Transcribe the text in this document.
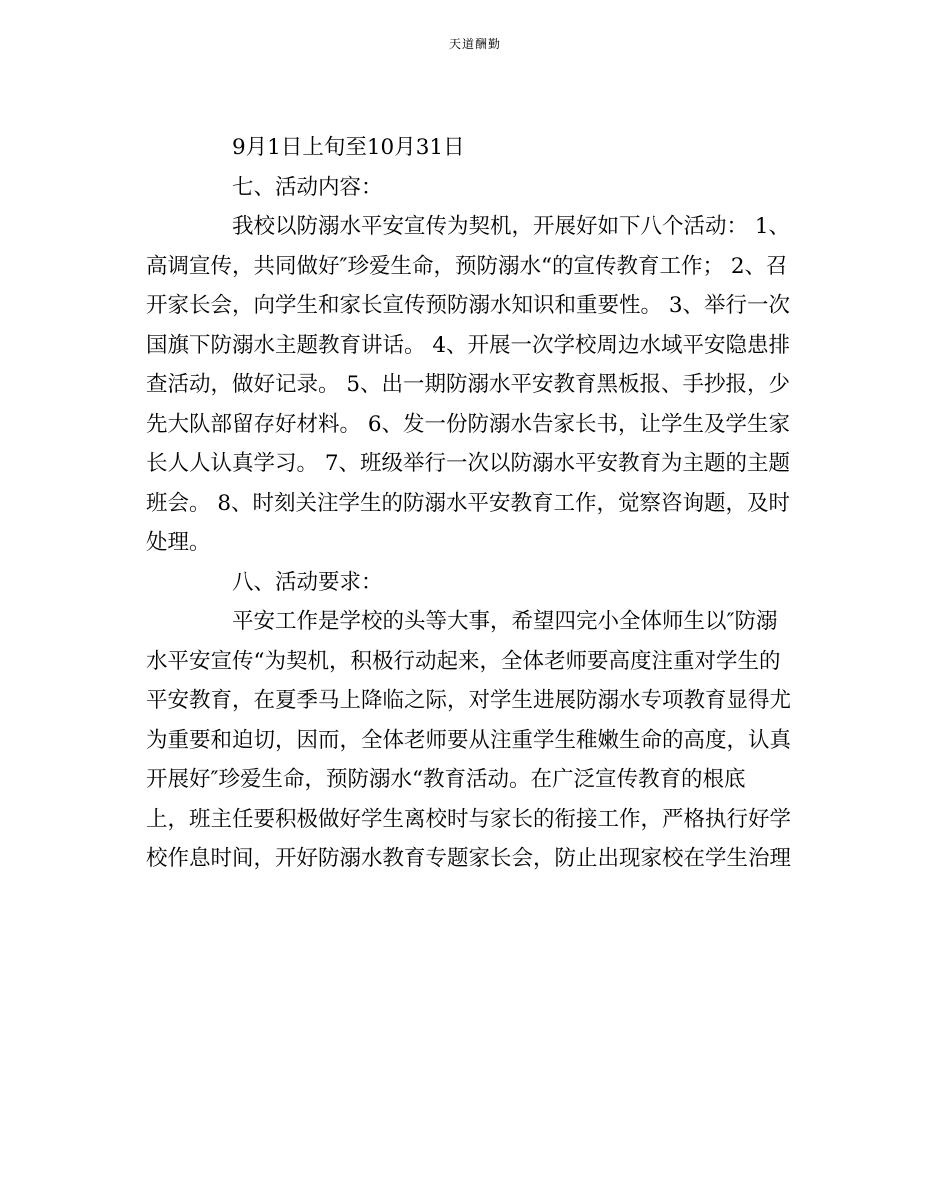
天道酬勤
9月1日上旬至10月31日
七、活动内容：
我校以防溺水平安宣传为契机，开展好如下八个活动： 1、
高调宣传，共同做好″珍爱生命，预防溺水“的宣传教育工作； 2、召
开家长会，向学生和家长宣传预防溺水知识和重要性。 3、举行一次
国旗下防溺水主题教育讲话。 4、开展一次学校周边水域平安隐患排
查活动，做好记录。 5、出一期防溺水平安教育黑板报、手抄报，少
先大队部留存好材料。 6、发一份防溺水告家长书，让学生及学生家
长人人认真学习。 7、班级举行一次以防溺水平安教育为主题的主题
班会。 8、时刻关注学生的防溺水平安教育工作，觉察咨询题，及时
处理。
八、活动要求：
平安工作是学校的头等大事，希望四完小全体师生以″防溺
水平安宣传“为契机，积极行动起来，全体老师要高度注重对学生的
平安教育，在夏季马上降临之际，对学生进展防溺水专项教育显得尤
为重要和迫切，因而，全体老师要从注重学生稚嫩生命的高度，认真
开展好″珍爱生命，预防溺水“教育活动。在广泛宣传教育的根底
上，班主任要积极做好学生离校时与家长的衔接工作，严格执行好学
校作息时间，开好防溺水教育专题家长会，防止出现家校在学生治理
